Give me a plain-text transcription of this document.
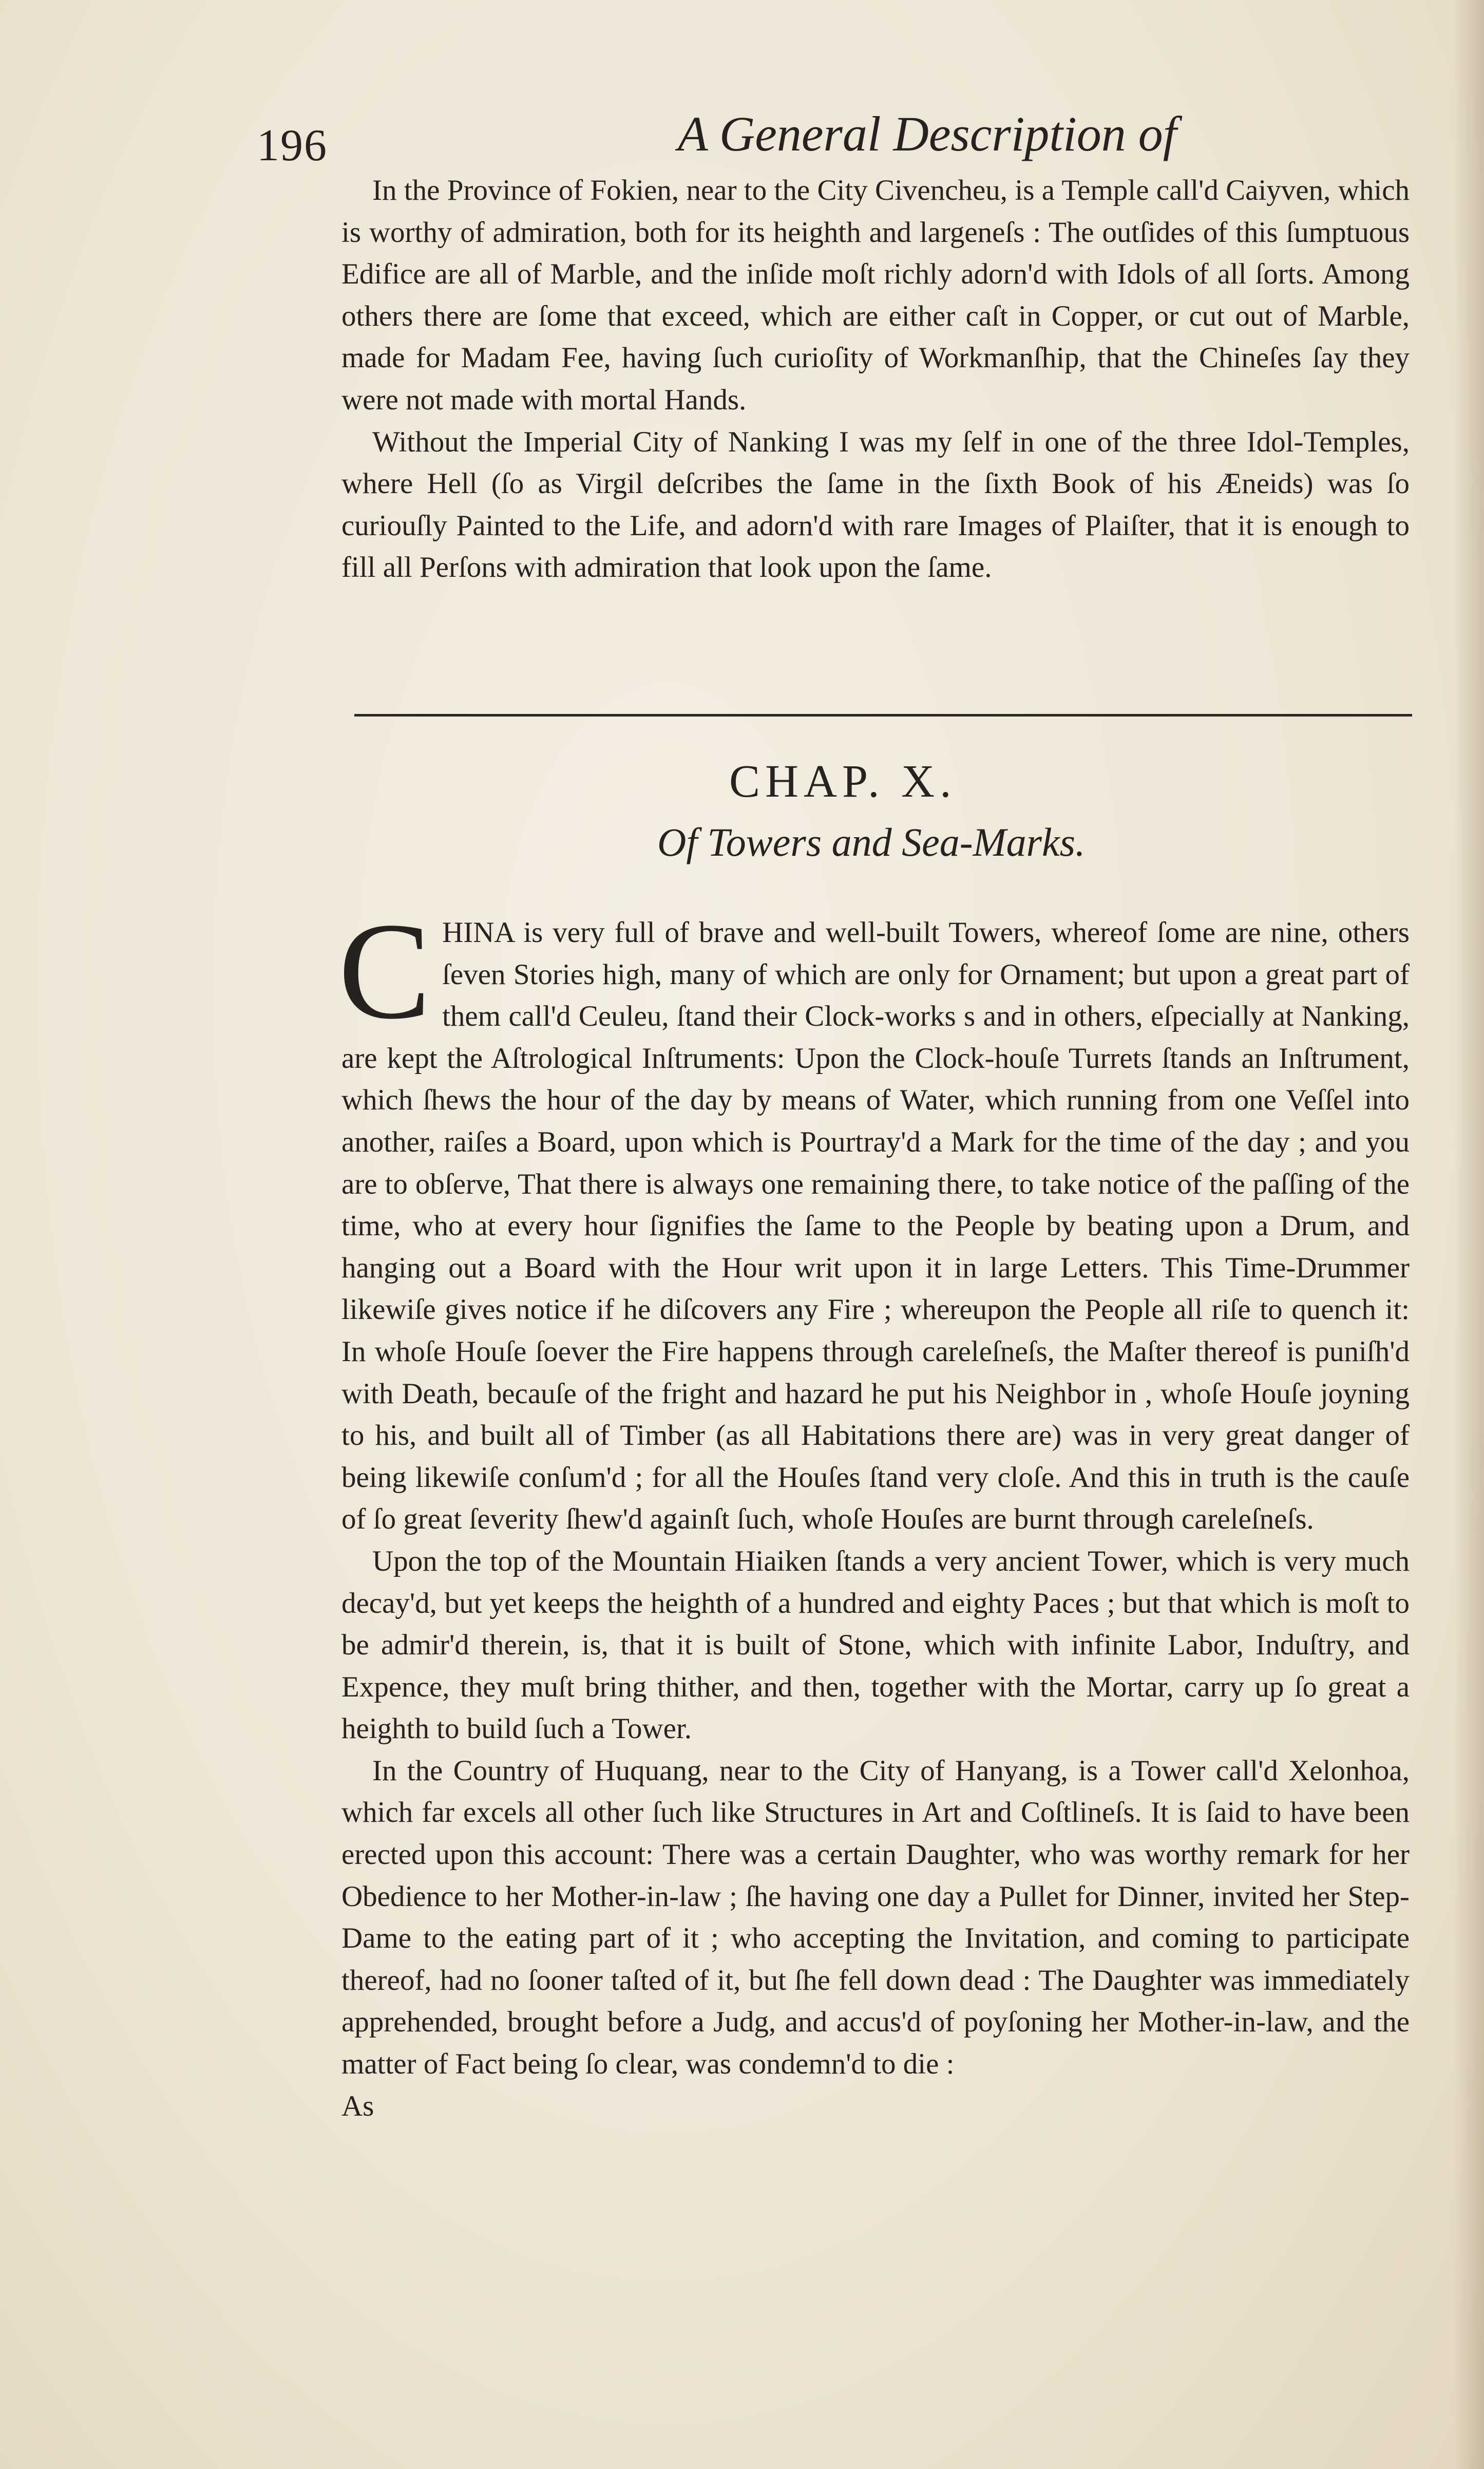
196	A General Description of

In the Province of Fokien, near to the City Civencheu, is a Temple call'd Caiyven, which is worthy of admiration, both for its heighth and largeneſs : The outſides of this ſumptuous Edifice are all of Marble, and the inſide moſt richly adorn'd with Idols of all ſorts. Among others there are ſome that exceed, which are either caſt in Copper, or cut out of Marble, made for Madam Fee, having ſuch curioſity of Workmanſhip, that the Chineſes ſay they were not made with mortal Hands.

Without the Imperial City of Nanking I was my ſelf in one of the three Idol-Temples, where Hell (ſo as Virgil deſcribes the ſame in the ſixth Book of his Æneids) was ſo curiouſly Painted to the Life, and adorn'd with rare Images of Plaiſter, that it is enough to fill all Perſons with admiration that look upon the ſame.

CHAP. X.
Of Towers and Sea-Marks.

CHINA is very full of brave and well-built Towers, whereof ſome are nine, others ſeven Stories high, many of which are only for Ornament; but upon a great part of them call'd Ceuleu, ſtand their Clock-works s and in others, eſpecially at Nanking, are kept the Aſtrological Inſtruments: Upon the Clock-houſe Turrets ſtands an Inſtrument, which ſhews the hour of the day by means of Water, which running from one Veſſel into another, raiſes a Board, upon which is Pourtray'd a Mark for the time of the day ; and you are to obſerve, That there is always one remaining there, to take notice of the paſſing of the time, who at every hour ſignifies the ſame to the People by beating upon a Drum, and hanging out a Board with the Hour writ upon it in large Letters. This Time-Drummer likewiſe gives notice if he diſcovers any Fire ; whereupon the People all riſe to quench it: In whoſe Houſe ſoever the Fire happens through careleſneſs, the Maſter thereof is puniſh'd with Death, becauſe of the fright and hazard he put his Neighbor in , whoſe Houſe joyning to his, and built all of Timber (as all Habitations there are) was in very great danger of being likewiſe conſum'd ; for all the Houſes ſtand very cloſe. And this in truth is the cauſe of ſo great ſeverity ſhew'd againſt ſuch, whoſe Houſes are burnt through careleſneſs.

Upon the top of the Mountain Hiaiken ſtands a very ancient Tower, which is very much decay'd, but yet keeps the heighth of a hundred and eighty Paces ; but that which is moſt to be admir'd therein, is, that it is built of Stone, which with infinite Labor, Induſtry, and Expence, they muſt bring thither, and then, together with the Mortar, carry up ſo great a heighth to build ſuch a Tower.

In the Country of Huquang, near to the City of Hanyang, is a Tower call'd Xelonhoa, which far excels all other ſuch like Structures in Art and Coſtlineſs. It is ſaid to have been erected upon this account: There was a certain Daughter, who was worthy remark for her Obedience to her Mother-in-law ; ſhe having one day a Pullet for Dinner, invited her Step-Dame to the eating part of it ; who accepting the Invitation, and coming to participate thereof, had no ſooner taſted of it, but ſhe fell down dead : The Daughter was immediately apprehended, brought before a Judg, and accus'd of poyſoning her Mother-in-law, and the matter of Fact being ſo clear, was condemn'd to die :

As
